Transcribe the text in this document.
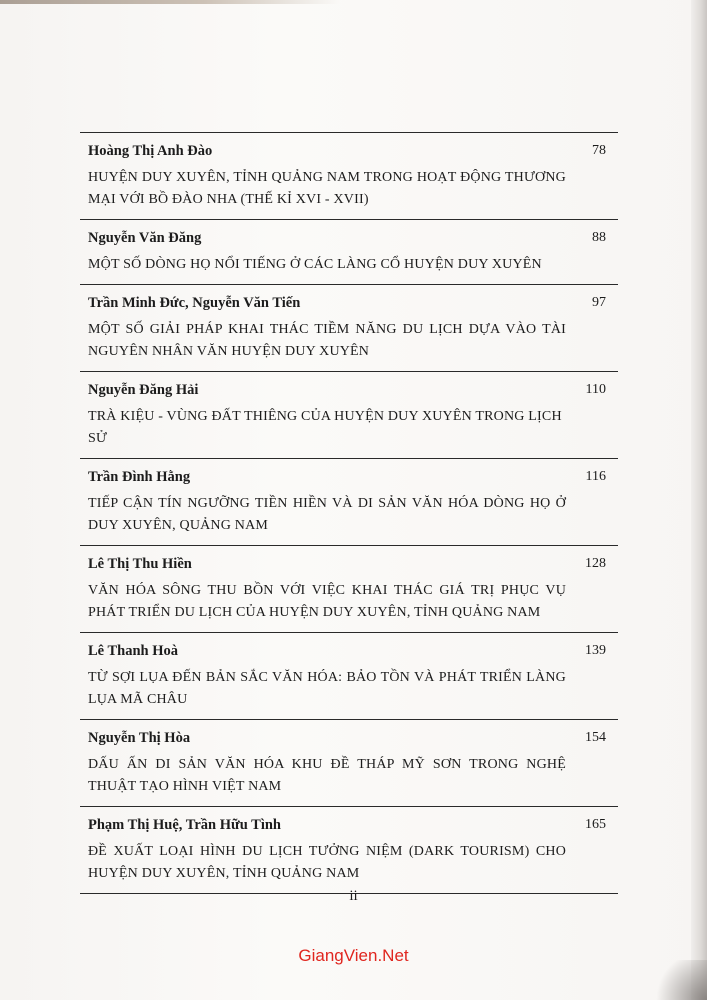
Hoàng Thị Anh Đào	78
HUYỆN DUY XUYÊN, TỈNH QUẢNG NAM TRONG HOẠT ĐỘNG THƯƠNG MẠI VỚI BỒ ĐÀO NHA (THẾ KỈ XVI - XVII)
Nguyễn Văn Đăng	88
MỘT SỐ DÒNG HỌ NỔI TIẾNG Ở CÁC LÀNG CỔ HUYỆN DUY XUYÊN
Trần Minh Đức, Nguyễn Văn Tiến	97
MỘT SỐ GIẢI PHÁP KHAI THÁC TIỀM NĂNG DU LỊCH DỰA VÀO TÀI NGUYÊN NHÂN VĂN HUYỆN DUY XUYÊN
Nguyễn Đăng Hải	110
TRÀ KIỆU - VÙNG ĐẤT THIÊNG CỦA HUYỆN DUY XUYÊN TRONG LỊCH SỬ
Trần Đình Hằng	116
TIẾP CẬN TÍN NGƯỠNG TIỀN HIỀN VÀ DI SẢN VĂN HÓA DÒNG HỌ Ở DUY XUYÊN, QUẢNG NAM
Lê Thị Thu Hiền	128
VĂN HÓA SÔNG THU BỒN VỚI VIỆC KHAI THÁC GIÁ TRỊ PHỤC VỤ PHÁT TRIỂN DU LỊCH CỦA HUYỆN DUY XUYÊN, TỈNH QUẢNG NAM
Lê Thanh Hoà	139
TỪ SỢI LỤA ĐẾN BẢN SẮC VĂN HÓA: BẢO TỒN VÀ PHÁT TRIỂN LÀNG LỤA MÃ CHÂU
Nguyễn Thị Hòa	154
DẤU ẤN DI SẢN VĂN HÓA KHU ĐỀ THÁP MỸ SƠN TRONG NGHỆ THUẬT TẠO HÌNH VIỆT NAM
Phạm Thị Huệ, Trần Hữu Tình	165
ĐỀ XUẤT LOẠI HÌNH DU LỊCH TƯỞNG NIỆM (DARK TOURISM) CHO HUYỆN DUY XUYÊN, TỈNH QUẢNG NAM
ii
GiangVien.Net
